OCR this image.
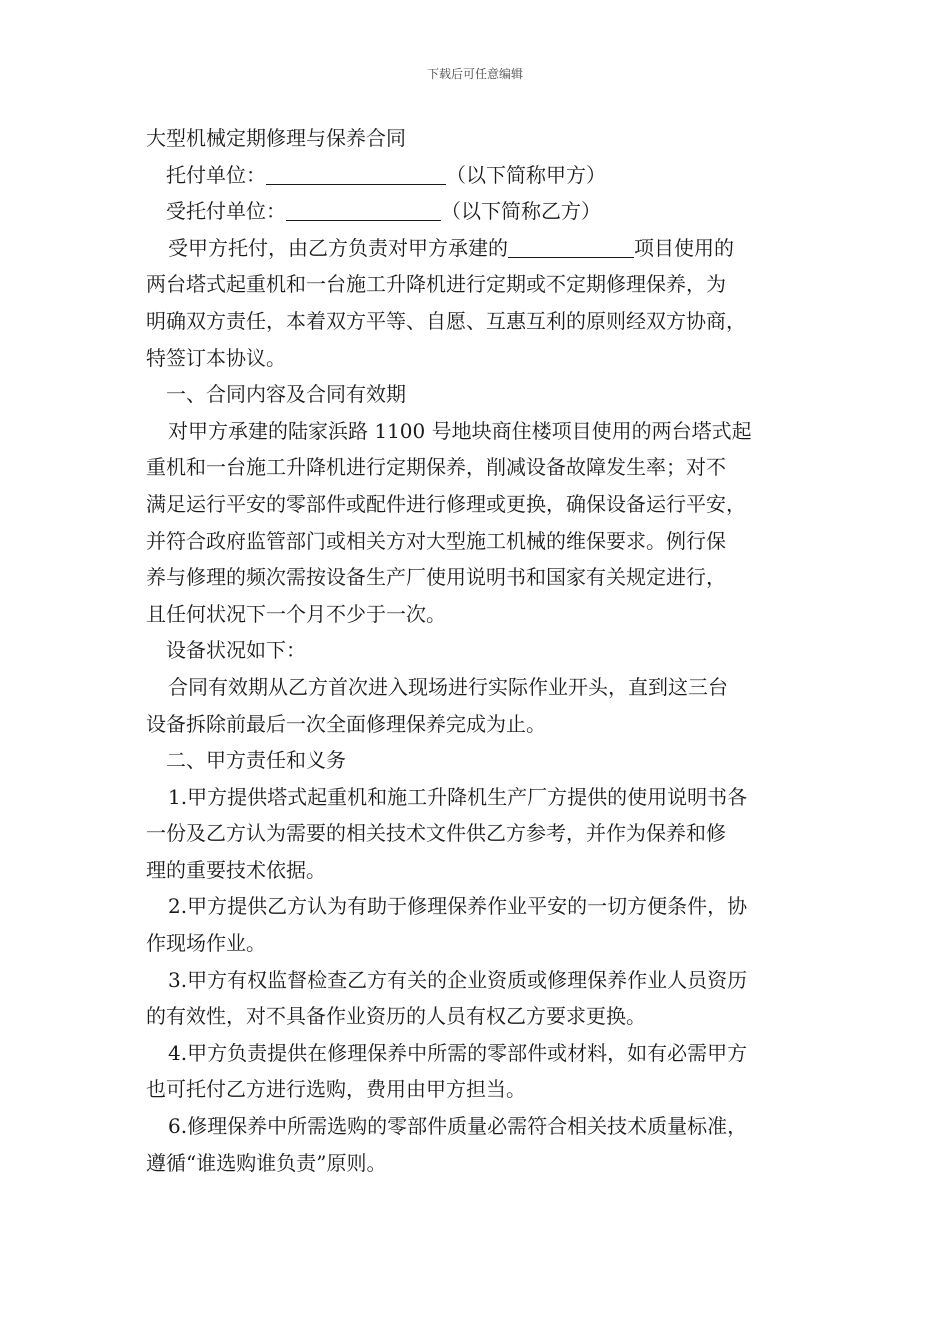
下载后可任意编辑
大型机械定期修理与保养合同
托付单位：	（以下简称甲方）
受托付单位：	（以下简称乙方）
受甲方托付，由乙方负责对甲方承建的	项目使用的
两台塔式起重机和一台施工升降机进行定期或不定期修理保养，为
明确双方责任，本着双方平等、自愿、互惠互利的原则经双方协商，
特签订本协议。
一、合同内容及合同有效期
对甲方承建的陆家浜路 1100 号地块商住楼项目使用的两台塔式起
重机和一台施工升降机进行定期保养，削减设备故障发生率；对不
满足运行平安的零部件或配件进行修理或更换，确保设备运行平安，
并符合政府监管部门或相关方对大型施工机械的维保要求。例行保
养与修理的频次需按设备生产厂使用说明书和国家有关规定进行，
且任何状况下一个月不少于一次。
设备状况如下：
合同有效期从乙方首次进入现场进行实际作业开头，直到这三台
设备拆除前最后一次全面修理保养完成为止。
二、甲方责任和义务
1.甲方提供塔式起重机和施工升降机生产厂方提供的使用说明书各
一份及乙方认为需要的相关技术文件供乙方参考，并作为保养和修
理的重要技术依据。
2.甲方提供乙方认为有助于修理保养作业平安的一切方便条件，协
作现场作业。
3.甲方有权监督检查乙方有关的企业资质或修理保养作业人员资历
的有效性，对不具备作业资历的人员有权乙方要求更换。
4.甲方负责提供在修理保养中所需的零部件或材料，如有必需甲方
也可托付乙方进行选购，费用由甲方担当。
6.修理保养中所需选购的零部件质量必需符合相关技术质量标准，
遵循“谁选购谁负责”原则。
